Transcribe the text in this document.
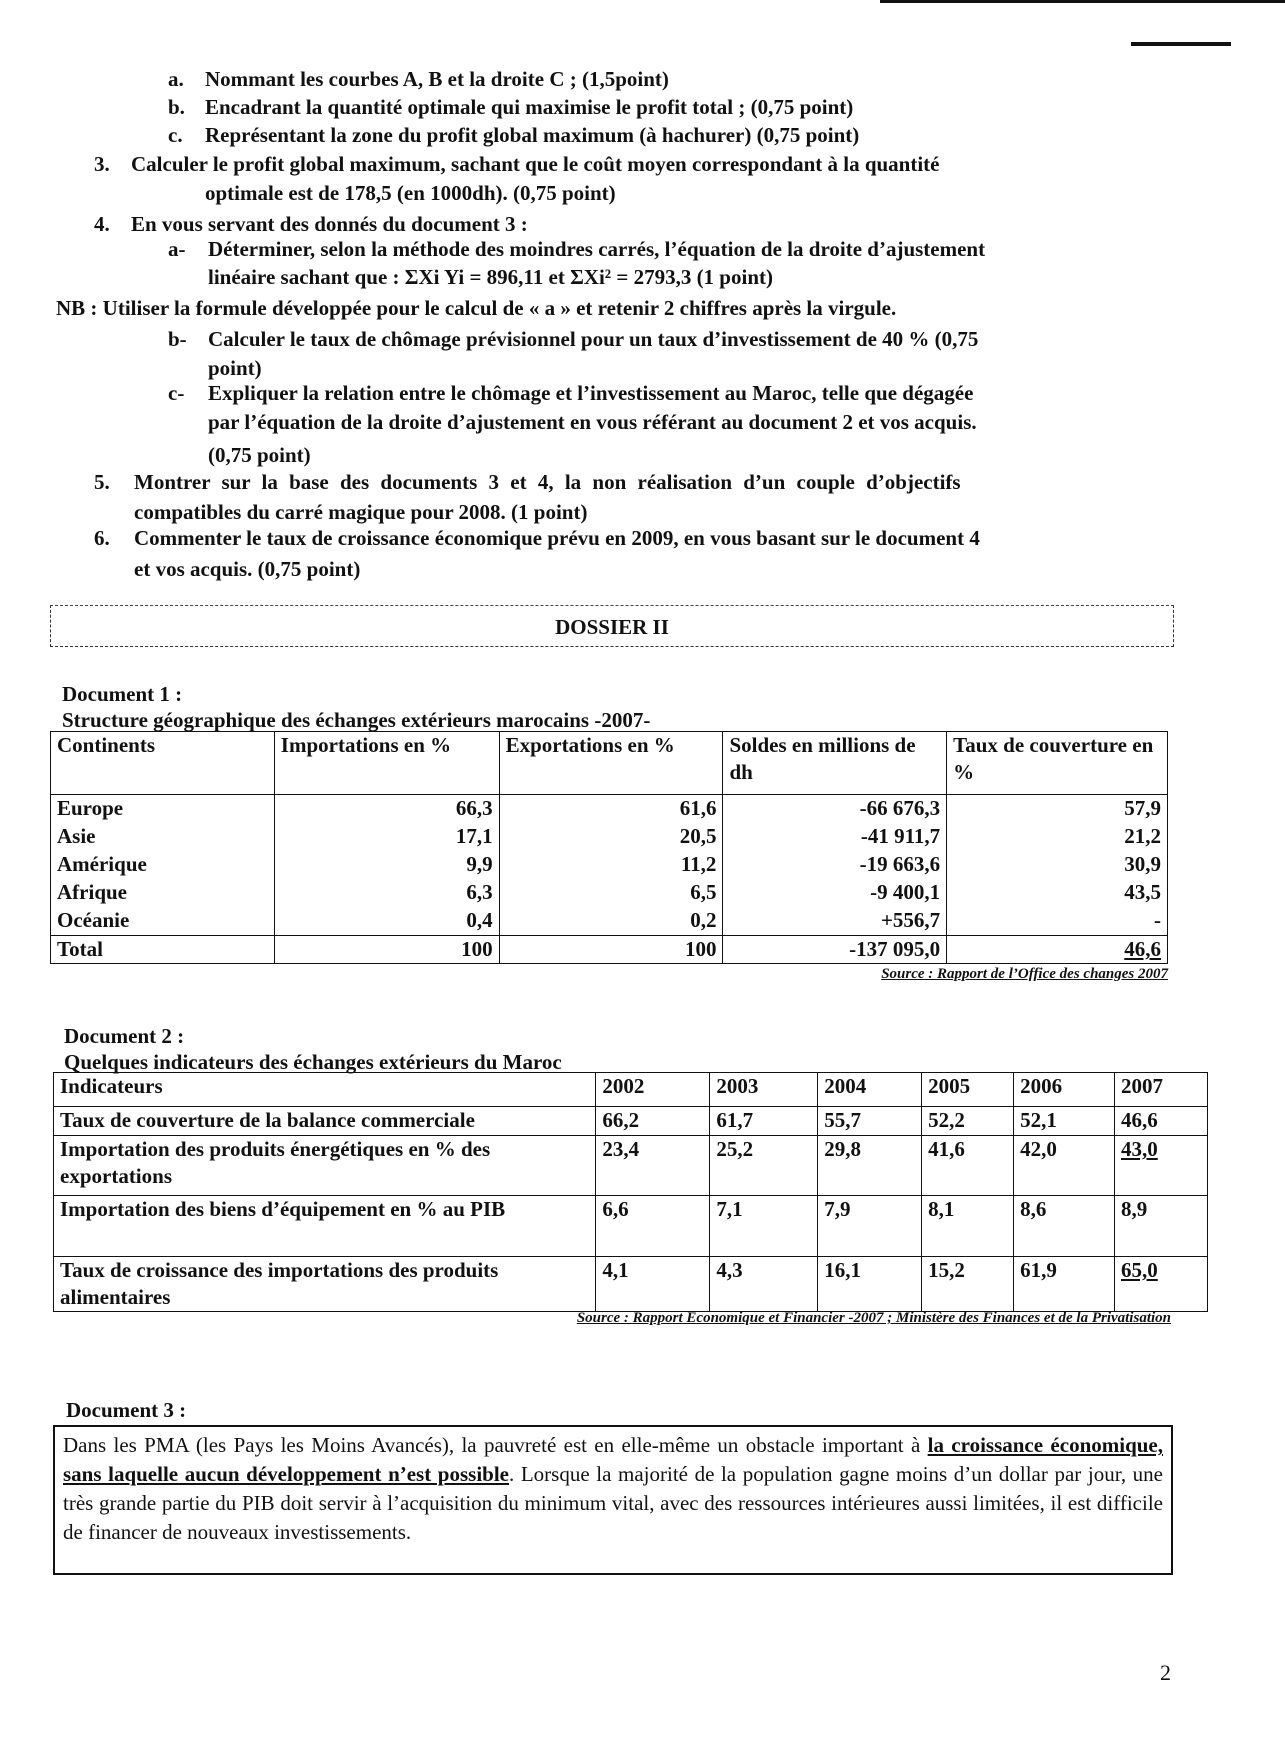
a. Nommant les courbes A, B et la droite C ; (1,5point)
b. Encadrant la quantité optimale qui maximise le profit total ; (0,75 point)
c. Représentant la zone du profit global maximum (à hachurer) (0,75 point)
3. Calculer le profit global maximum, sachant que le coût moyen correspondant à la quantité
optimale est de 178,5 (en 1000dh). (0,75 point)
4. En vous servant des donnés du document 3 :
a- Déterminer, selon la méthode des moindres carrés, l’équation de la droite d’ajustement
linéaire sachant que : ΣXi Yi = 896,11 et ΣXi² = 2793,3 (1 point)
NB : Utiliser la formule développée pour le calcul de « a » et retenir 2 chiffres après la virgule.
b- Calculer le taux de chômage prévisionnel pour un taux d’investissement de 40 % (0,75
point)
c- Expliquer la relation entre le chômage et l’investissement au Maroc, telle que dégagée
par l’équation de la droite d’ajustement en vous référant au document 2 et vos acquis.
(0,75 point)
5. Montrer sur la base des documents 3 et 4, la non réalisation d’un couple d’objectifs
compatibles du carré magique pour 2008. (1 point)
6. Commenter le taux de croissance économique prévu en 2009, en vous basant sur le document 4
et vos acquis. (0,75 point)
DOSSIER II
Document 1 :
Structure géographique des échanges extérieurs marocains -2007-
Continents	Importations en %	Exportations en %	Soldes en millions de dh	Taux de couverture en %
Europe	66,3	61,6	-66 676,3	57,9
Asie	17,1	20,5	-41 911,7	21,2
Amérique	9,9	11,2	-19 663,6	30,9
Afrique	6,3	6,5	-9 400,1	43,5
Océanie	0,4	0,2	+556,7	-
Total	100	100	-137 095,0	46,6
Source : Rapport de l’Office des changes 2007
Document 2 :
Quelques indicateurs des échanges extérieurs du Maroc
Indicateurs	2002	2003	2004	2005	2006	2007
Taux de couverture de la balance commerciale	66,2	61,7	55,7	52,2	52,1	46,6
Importation des produits énergétiques en % des exportations	23,4	25,2	29,8	41,6	42,0	43,0
Importation des biens d’équipement en % au PIB	6,6	7,1	7,9	8,1	8,6	8,9
Taux de croissance des importations des produits alimentaires	4,1	4,3	16,1	15,2	61,9	65,0
Source : Rapport Economique et Financier -2007 ; Ministère des Finances et de la Privatisation
Document 3 :
Dans les PMA (les Pays les Moins Avancés), la pauvreté est en elle-même un obstacle important à la croissance économique, sans laquelle aucun développement n’est possible. Lorsque la majorité de la population gagne moins d’un dollar par jour, une très grande partie du PIB doit servir à l’acquisition du minimum vital, avec des ressources intérieures aussi limitées, il est difficile de financer de nouveaux investissements.
2
